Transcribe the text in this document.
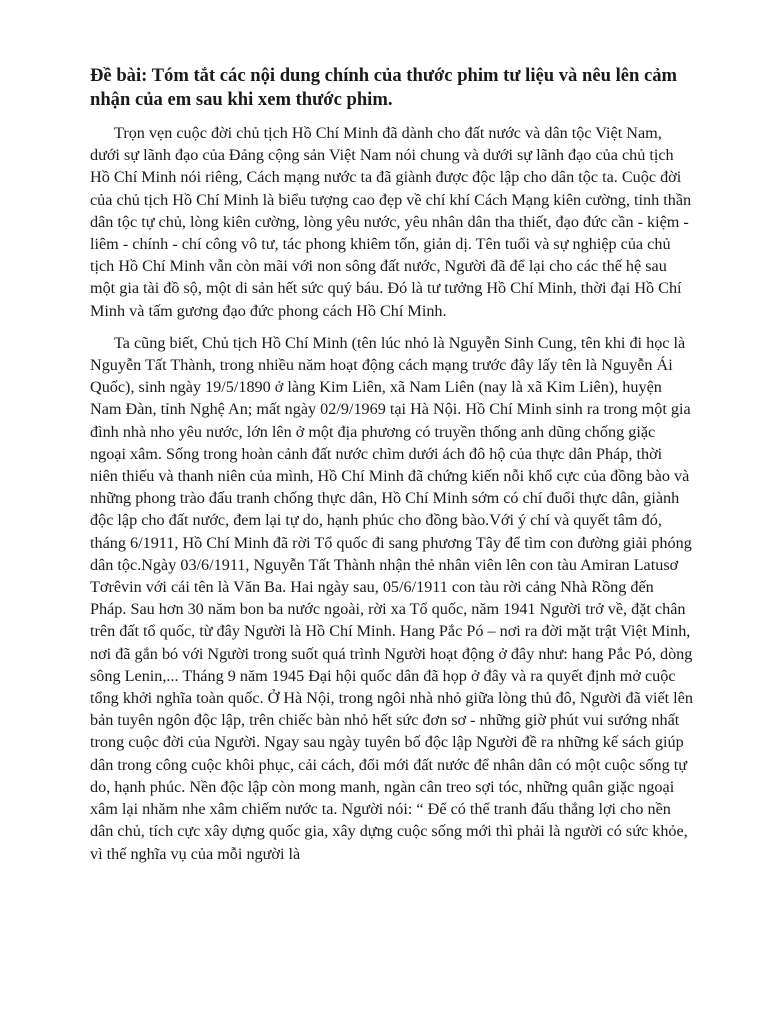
Đề bài: Tóm tắt các nội dung chính của thước phim tư liệu và nêu lên cảm nhận của em sau khi xem thước phim.

Trọn vẹn cuộc đời chủ tịch Hồ Chí Minh đã dành cho đất nước và dân tộc Việt Nam, dưới sự lãnh đạo của Đảng cộng sản Việt Nam nói chung và dưới sự lãnh đạo của chủ tịch Hồ Chí Minh nói riêng, Cách mạng nước ta đã giành được độc lập cho dân tộc ta. Cuộc đời của chủ tịch Hồ Chí Minh là biểu tượng cao đẹp về chí khí Cách Mạng kiên cường, tinh thần dân tộc tự chủ, lòng kiên cường, lòng yêu nước, yêu nhân dân tha thiết, đạo đức cần - kiệm - liêm - chính - chí công vô tư, tác phong khiêm tốn, giản dị. Tên tuổi và sự nghiệp của chủ tịch Hồ Chí Minh vẫn còn mãi với non sông đất nước, Người đã để lại cho các thế hệ sau một gia tài đồ sộ, một di sản hết sức quý báu. Đó là tư tưởng Hồ Chí Minh, thời đại Hồ Chí Minh và tấm gương đạo đức phong cách Hồ Chí Minh.

Ta cũng biết, Chủ tịch Hồ Chí Minh (tên lúc nhỏ là Nguyễn Sinh Cung, tên khi đi học là Nguyễn Tất Thành, trong nhiều năm hoạt động cách mạng trước đây lấy tên là Nguyễn Ái Quốc), sinh ngày 19/5/1890 ở làng Kim Liên, xã Nam Liên (nay là xã Kim Liên), huyện Nam Đàn, tỉnh Nghệ An; mất ngày 02/9/1969 tại Hà Nội. Hồ Chí Minh sinh ra trong một gia đình nhà nho yêu nước, lớn lên ở một địa phương có truyền thống anh dũng chống giặc ngoại xâm. Sống trong hoàn cảnh đất nước chìm dưới ách đô hộ của thực dân Pháp, thời niên thiếu và thanh niên của mình, Hồ Chí Minh đã chứng kiến nỗi khổ cực của đồng bào và những phong trào đấu tranh chống thực dân, Hồ Chí Minh sớm có chí đuổi thực dân, giành độc lập cho đất nước, đem lại tự do, hạnh phúc cho đồng bào.Với ý chí và quyết tâm đó, tháng 6/1911, Hồ Chí Minh đã rời Tổ quốc đi sang phương Tây để tìm con đường giải phóng dân tộc.Ngày 03/6/1911, Nguyễn Tất Thành nhận thẻ nhân viên lên con tàu Amiran Latusơ Tơrêvin với cái tên là Văn Ba. Hai ngày sau, 05/6/1911 con tàu rời cảng Nhà Rồng đến Pháp. Sau hơn 30 năm bon ba nước ngoài, rời xa Tổ quốc, năm 1941 Người trở về, đặt chân trên đất tổ quốc, từ đây Người là Hồ Chí Minh. Hang Pắc Pó – nơi ra đời mặt trật Việt Minh, nơi đã gắn bó với Người trong suốt quá trình Người hoạt động ở đây như: hang Pắc Pó, dòng sông Lenin,... Tháng 9 năm 1945 Đại hội quốc dân đã họp ở đây và ra quyết định mở cuộc tổng khởi nghĩa toàn quốc. Ở Hà Nội, trong ngôi nhà nhỏ giữa lòng thủ đô, Người đã viết lên bản tuyên ngôn độc lập, trên chiếc bàn nhỏ hết sức đơn sơ - những giờ phút vui sướng nhất trong cuộc đời của Người. Ngay sau ngày tuyên bố độc lập Người đề ra những kế sách giúp dân trong công cuộc khôi phục, cải cách, đổi mới đất nước để nhân dân có một cuộc sống tự do, hạnh phúc. Nền độc lập còn mong manh, ngàn cân treo sợi tóc, những quân giặc ngoại xâm lại nhăm nhe xâm chiếm nước ta. Người nói: “ Để có thể tranh đấu thắng lợi cho nền dân chủ, tích cực xây dựng quốc gia, xây dựng cuộc sống mới thì phải là người có sức khỏe, vì thế nghĩa vụ của mỗi người là
